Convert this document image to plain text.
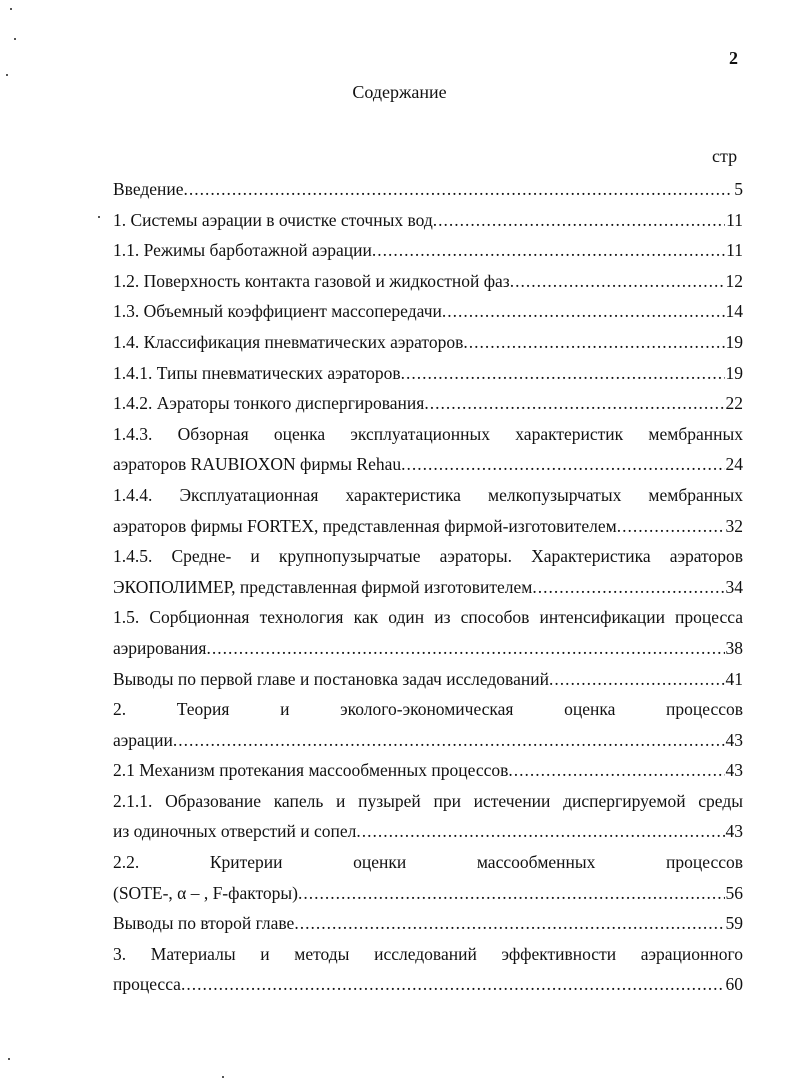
2
Содержание
стр
Введение .....	5
1. Системы аэрации в очистке сточных вод .....	11
1.1. Режимы барботажной аэрации .....	11
1.2. Поверхность контакта газовой и жидкостной фаз .....	12
1.3. Объемный коэффициент массопередачи .....	14
1.4. Классификация пневматических аэраторов .....	19
1.4.1. Типы пневматических аэраторов .....	19
1.4.2. Аэраторы тонкого диспергирования .....	22
1.4.3. Обзорная оценка эксплуатационных характеристик мембранных
аэраторов RAUBIOXON фирмы Rehau .....	24
1.4.4. Эксплуатационная характеристика мелкопузырчатых мембранных
аэраторов фирмы FORTEX, представленная фирмой-изготовителем .....	32
1.4.5. Средне- и крупнопузырчатые аэраторы. Характеристика аэраторов
ЭКОПОЛИМЕР, представленная фирмой изготовителем .....	34
1.5. Сорбционная технология как один из способов интенсификации процесса
аэрирования .....	38
Выводы по первой главе и постановка задач исследований .....	41
2. Теория и эколого-экономическая оценка процессов
аэрации .....	43
2.1 Механизм протекания массообменных процессов .....	43
2.1.1. Образование капель и пузырей при истечении диспергируемой среды
из одиночных отверстий и сопел .....	43
2.2. Критерии оценки массообменных процессов
(SOTE-, α – , F-факторы) .....	56
Выводы по второй главе .....	59
3. Материалы и методы исследований эффективности аэрационного
процесса .....	60
